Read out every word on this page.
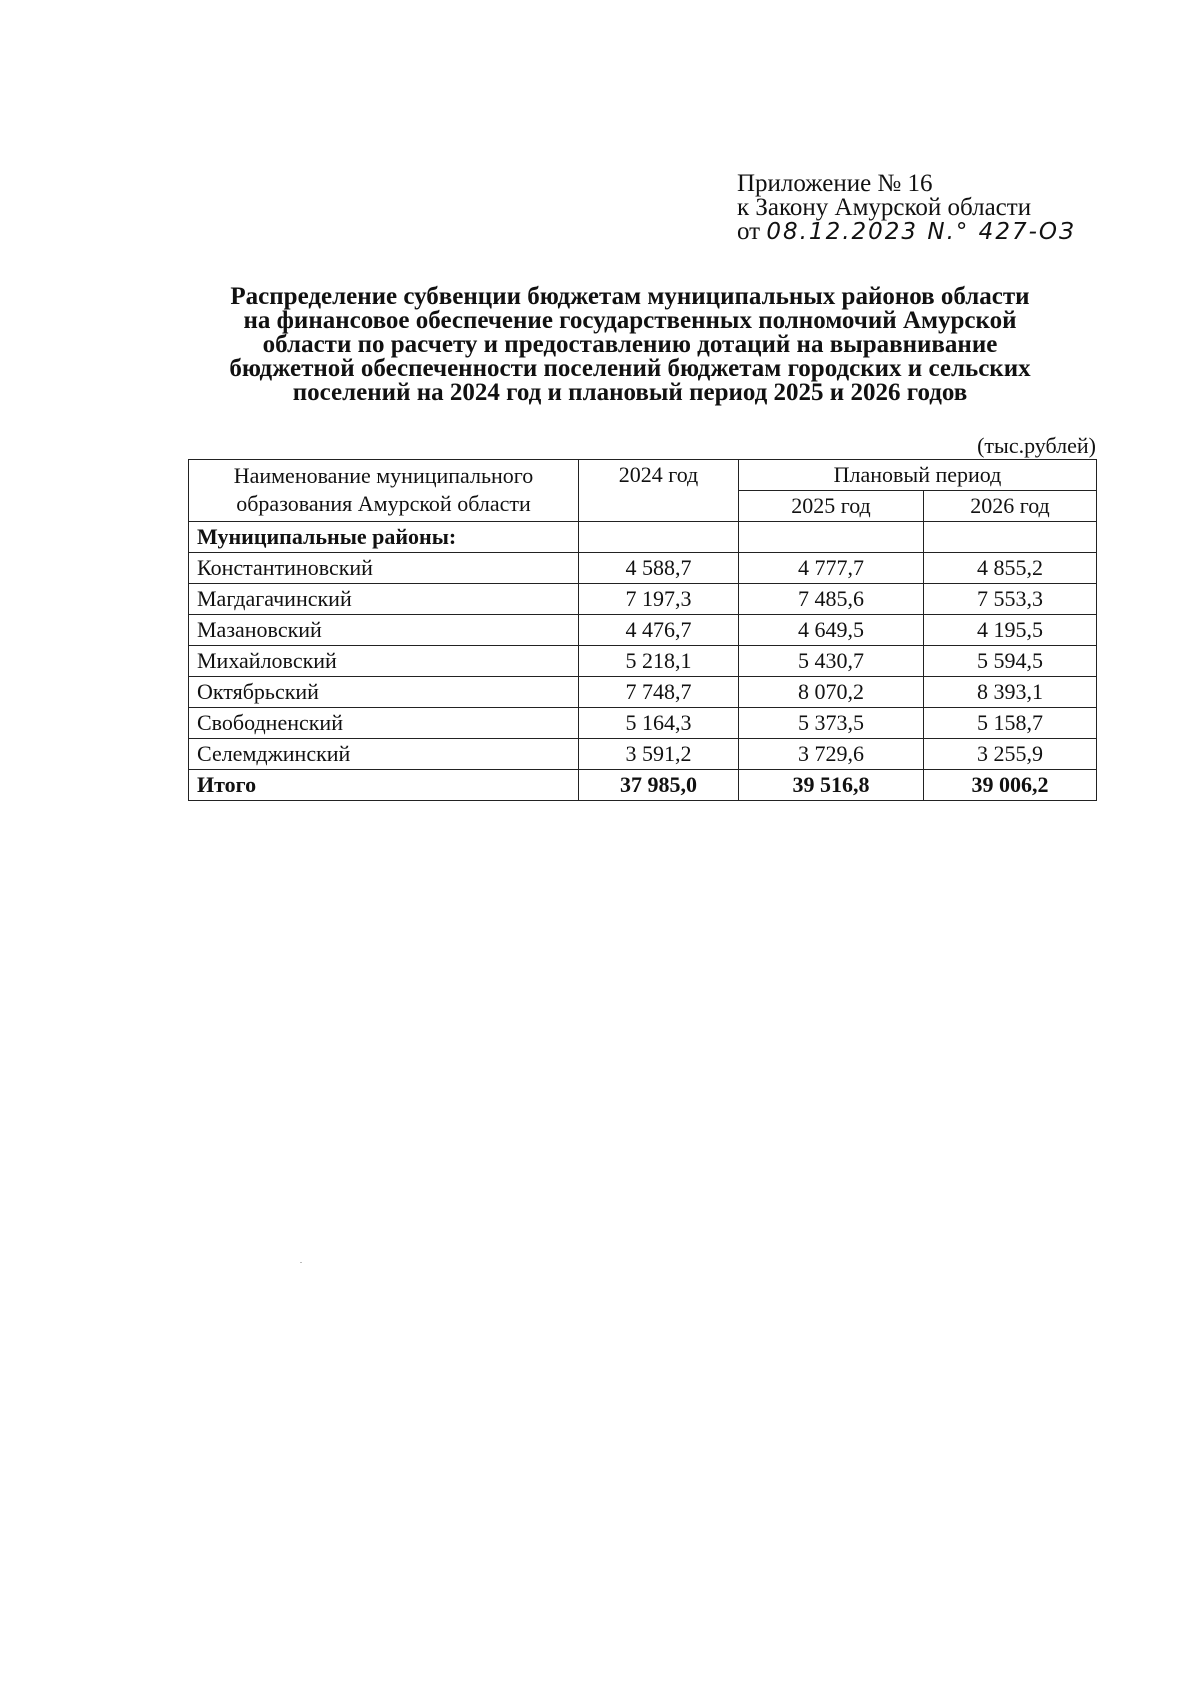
Приложение № 16
к Закону Амурской области
от 08.12.2023 N.° 427-ОЗ
Распределение субвенции бюджетам муниципальных районов области
на финансовое обеспечение государственных полномочий Амурской
области по расчету и предоставлению дотаций на выравнивание
бюджетной обеспеченности поселений бюджетам городских и сельских
поселений на 2024 год и плановый период 2025 и 2026 годов
(тыс.рублей)
Наименование муниципального образования Амурской области	2024 год	Плановый период	
		2025 год	2026 год
Муниципальные районы:			
Константиновский	4 588,7	4 777,7	4 855,2
Магдагачинский	7 197,3	7 485,6	7 553,3
Мазановский	4 476,7	4 649,5	4 195,5
Михайловский	5 218,1	5 430,7	5 594,5
Октябрьский	7 748,7	8 070,2	8 393,1
Свободненский	5 164,3	5 373,5	5 158,7
Селемджинский	3 591,2	3 729,6	3 255,9
Итого	37 985,0	39 516,8	39 006,2
